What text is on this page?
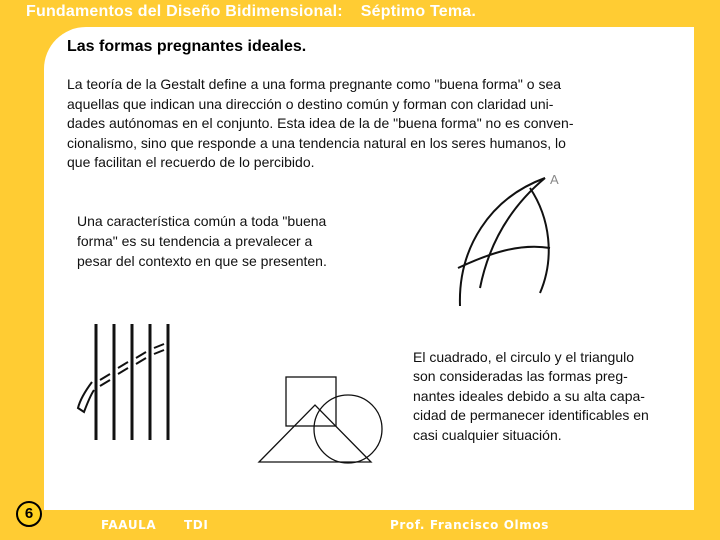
Fundamentos del Diseño Bidimensional: Séptimo Tema.
Las formas pregnantes ideales.
La teoría de la Gestalt define a una forma pregnante como "buena forma" o sea
aquellas que indican una dirección o destino común y forman con claridad uni-
dades autónomas en el conjunto. Esta idea de la de "buena forma" no es conven-
cionalismo, sino que responde a una tendencia natural en los seres humanos, lo
que facilitan el recuerdo de lo percibido.
Una característica común a toda "buena
forma" es su tendencia a prevalecer a
pesar del contexto en que se presenten.
El cuadrado, el circulo y el triangulo
son consideradas las formas preg-
nantes ideales debido a su alta capa-
cidad de permanecer identificables en
casi cualquier situación.
A
6
FAAULA TDI	Prof. Francisco Olmos
